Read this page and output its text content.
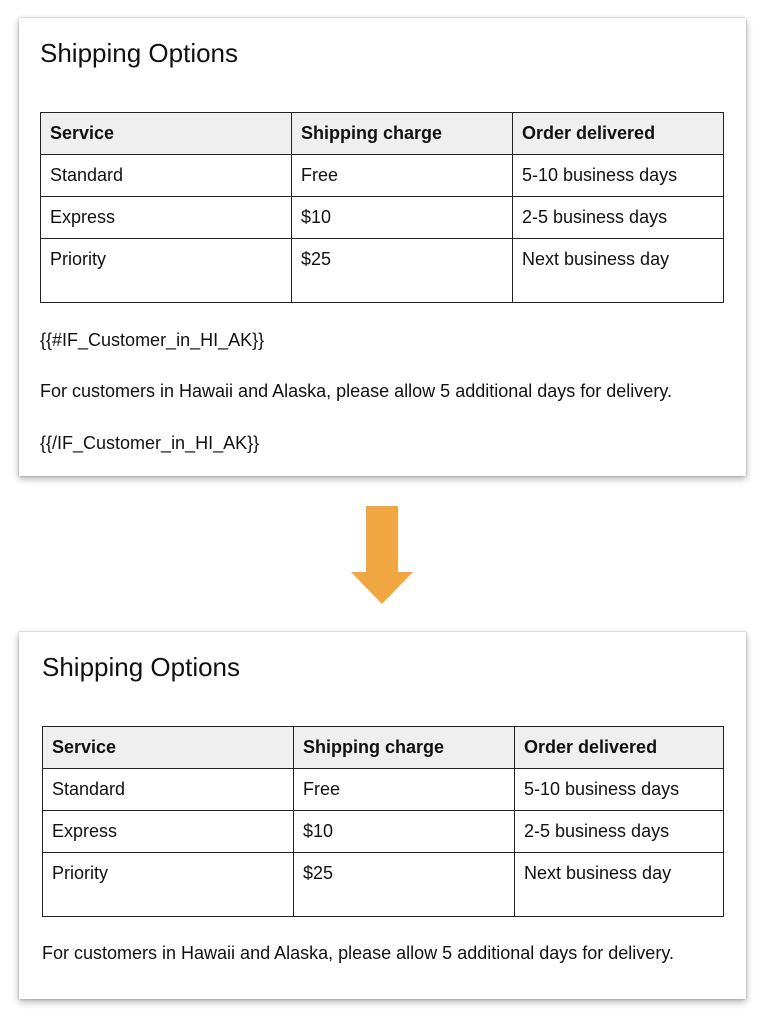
Shipping Options
Service	Shipping charge	Order delivered
Standard	Free	5-10 business days
Express	$10	2-5 business days
Priority	$25	Next business day
{{#IF_Customer_in_HI_AK}}
For customers in Hawaii and Alaska, please allow 5 additional days for delivery.
{{/IF_Customer_in_HI_AK}}
Shipping Options
Service	Shipping charge	Order delivered
Standard	Free	5-10 business days
Express	$10	2-5 business days
Priority	$25	Next business day
For customers in Hawaii and Alaska, please allow 5 additional days for delivery.
